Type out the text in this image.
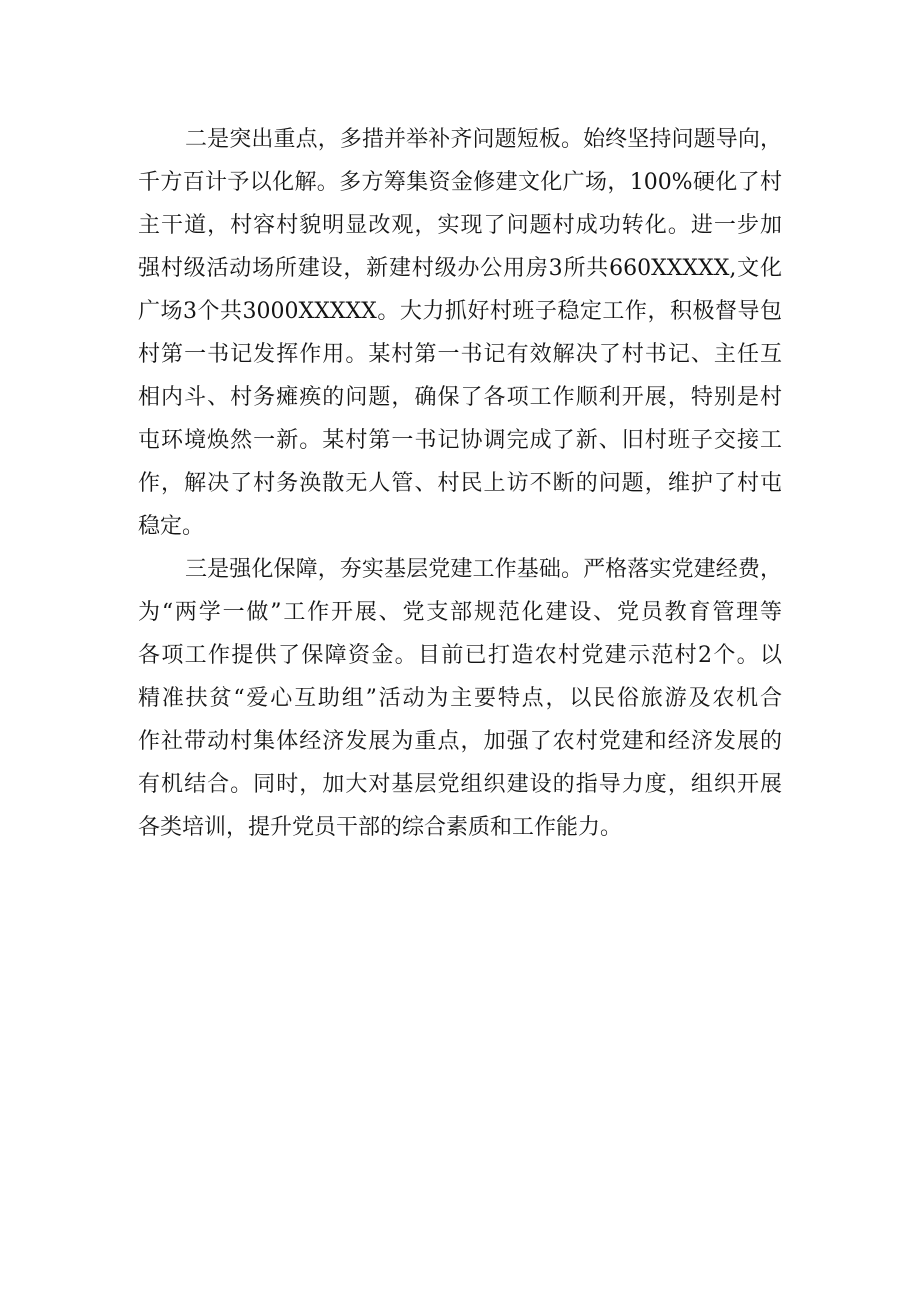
二是突出重点，多措并举补齐问题短板。始终坚持问题导向，
千方百计予以化解。多方筹集资金修建文化广场，100%硬化了村
主干道，村容村貌明显改观，实现了问题村成功转化。进一步加
强村级活动场所建设，新建村级办公用房3所共660XXXXX,文化
广场3个共3000XXXXX。大力抓好村班子稳定工作，积极督导包
村第一书记发挥作用。某村第一书记有效解决了村书记、主任互
相内斗、村务瘫痪的问题，确保了各项工作顺利开展，特别是村
屯环境焕然一新。某村第一书记协调完成了新、旧村班子交接工
作，解决了村务涣散无人管、村民上访不断的问题，维护了村屯
稳定。
三是强化保障，夯实基层党建工作基础。严格落实党建经费，
为“两学一做”工作开展、党支部规范化建设、党员教育管理等
各项工作提供了保障资金。目前已打造农村党建示范村2个。以
精准扶贫“爱心互助组”活动为主要特点，以民俗旅游及农机合
作社带动村集体经济发展为重点，加强了农村党建和经济发展的
有机结合。同时，加大对基层党组织建设的指导力度，组织开展
各类培训，提升党员干部的综合素质和工作能力。
